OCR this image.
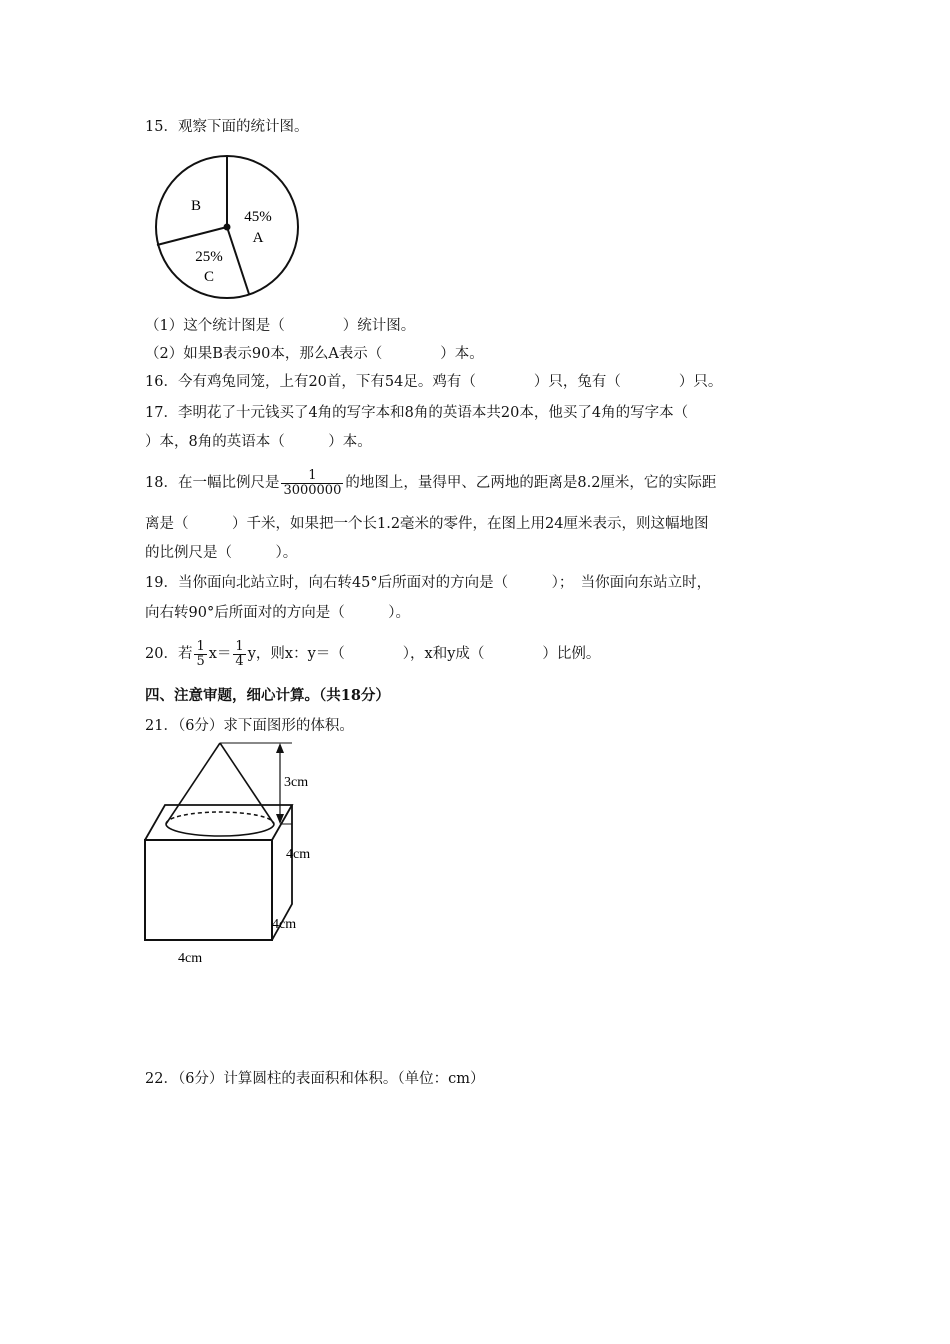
15．观察下面的统计图。
B
45%
A
25%
C
（1）这个统计图是（　　　　）统计图。
（2）如果B表示90本，那么A表示（　　　　）本。
16．今有鸡兔同笼，上有20首，下有54足。鸡有（　　　　）只，兔有（　　　　）只。
17．李明花了十元钱买了4角的写字本和8角的英语本共20本，他买了4角的写字本（
）本，8角的英语本（　　　）本。
18．在一幅比例尺是 $\frac{1}{3000000}$ 的地图上，量得甲、乙两地的距离是8.2厘米，它的实际距
离是（　　　）千米，如果把一个长1.2毫米的零件，在图上用24厘米表示，则这幅地图
的比例尺是（　　　）。
19．当你面向北站立时，向右转45°后所面对的方向是（　　　）；　当你面向东站立时，
向右转90°后所面对的方向是（　　　）。
20．若 $\frac{1}{5} x= \frac{1}{4}$ y，则x：y＝（　　　　），x和y成（　　　　）比例。
四、注意审题，细心计算。（共18分）
21．（6分）求下面图形的体积。
3cm
4cm
4cm
4cm
22．（6分）计算圆柱的表面积和体积。（单位：cm）
